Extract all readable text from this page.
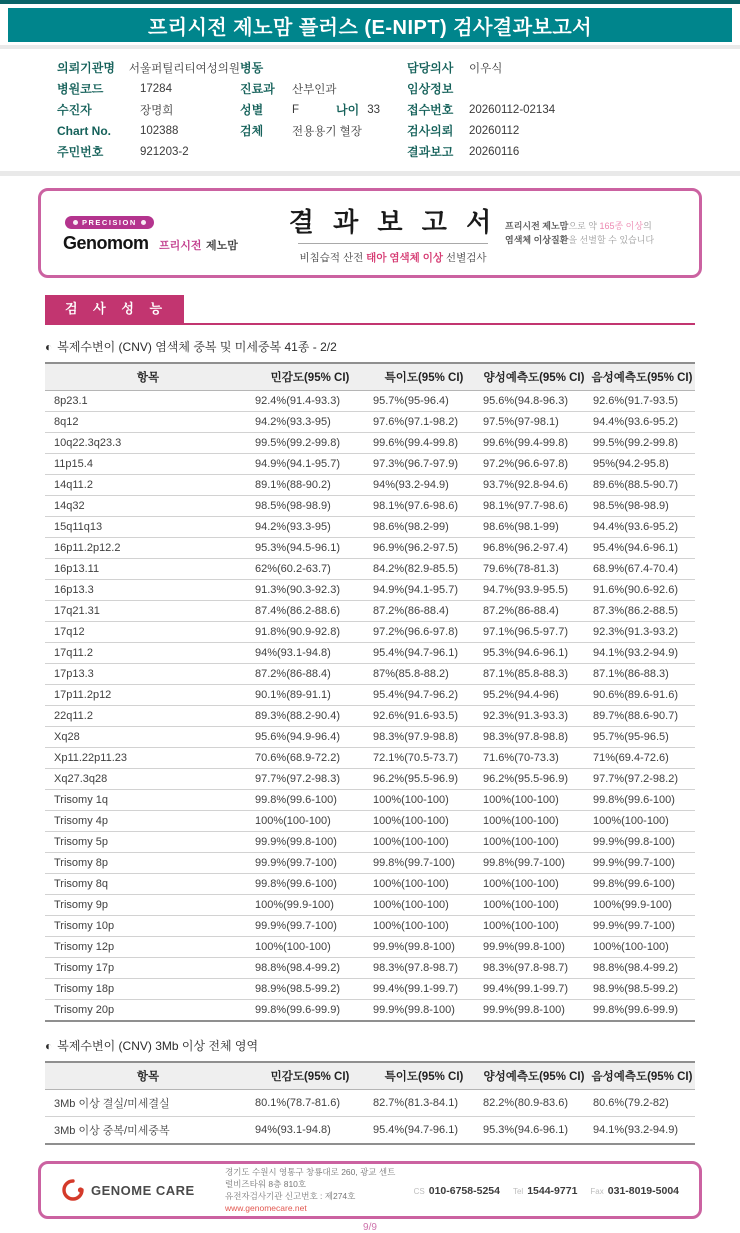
프리시전 제노맘 플러스 (E-NIPT) 검사결과보고서
의뢰기관명	서울퍼틸리티여성의원
병원코드	17284
수진자	장명희
Chart No.	102388
주민번호	921203-2
병동
진료과	산부인과
성별	F	나이 33
검체	전용용기 혈장
담당의사	이우식
임상정보
접수번호	20260112-02134
검사의뢰	20260112
결과보고	20260116
PRECISION
Genomom 프리시전 제노맘
결 과 보 고 서
비침습적 산전 태아 염색체 이상 선별검사
프리시전 제노맘으로 약 165종 이상의
염색체 이상질환을 선별할 수 있습니다
검 사 성 능
◐ 복제수변이 (CNV) 염색체 중복 및 미세중복 41종 - 2/2
항목	민감도(95% CI)	특이도(95% CI)	양성예측도(95% CI)	음성예측도(95% CI)
8p23.1	92.4%(91.4-93.3)	95.7%(95-96.4)	95.6%(94.8-96.3)	92.6%(91.7-93.5)
8q12	94.2%(93.3-95)	97.6%(97.1-98.2)	97.5%(97-98.1)	94.4%(93.6-95.2)
10q22.3q23.3	99.5%(99.2-99.8)	99.6%(99.4-99.8)	99.6%(99.4-99.8)	99.5%(99.2-99.8)
11p15.4	94.9%(94.1-95.7)	97.3%(96.7-97.9)	97.2%(96.6-97.8)	95%(94.2-95.8)
14q11.2	89.1%(88-90.2)	94%(93.2-94.9)	93.7%(92.8-94.6)	89.6%(88.5-90.7)
14q32	98.5%(98-98.9)	98.1%(97.6-98.6)	98.1%(97.7-98.6)	98.5%(98-98.9)
15q11q13	94.2%(93.3-95)	98.6%(98.2-99)	98.6%(98.1-99)	94.4%(93.6-95.2)
16p11.2p12.2	95.3%(94.5-96.1)	96.9%(96.2-97.5)	96.8%(96.2-97.4)	95.4%(94.6-96.1)
16p13.11	62%(60.2-63.7)	84.2%(82.9-85.5)	79.6%(78-81.3)	68.9%(67.4-70.4)
16p13.3	91.3%(90.3-92.3)	94.9%(94.1-95.7)	94.7%(93.9-95.5)	91.6%(90.6-92.6)
17q21.31	87.4%(86.2-88.6)	87.2%(86-88.4)	87.2%(86-88.4)	87.3%(86.2-88.5)
17q12	91.8%(90.9-92.8)	97.2%(96.6-97.8)	97.1%(96.5-97.7)	92.3%(91.3-93.2)
17q11.2	94%(93.1-94.8)	95.4%(94.7-96.1)	95.3%(94.6-96.1)	94.1%(93.2-94.9)
17p13.3	87.2%(86-88.4)	87%(85.8-88.2)	87.1%(85.8-88.3)	87.1%(86-88.3)
17p11.2p12	90.1%(89-91.1)	95.4%(94.7-96.2)	95.2%(94.4-96)	90.6%(89.6-91.6)
22q11.2	89.3%(88.2-90.4)	92.6%(91.6-93.5)	92.3%(91.3-93.3)	89.7%(88.6-90.7)
Xq28	95.6%(94.9-96.4)	98.3%(97.9-98.8)	98.3%(97.8-98.8)	95.7%(95-96.5)
Xp11.22p11.23	70.6%(68.9-72.2)	72.1%(70.5-73.7)	71.6%(70-73.3)	71%(69.4-72.6)
Xq27.3q28	97.7%(97.2-98.3)	96.2%(95.5-96.9)	96.2%(95.5-96.9)	97.7%(97.2-98.2)
Trisomy 1q	99.8%(99.6-100)	100%(100-100)	100%(100-100)	99.8%(99.6-100)
Trisomy 4p	100%(100-100)	100%(100-100)	100%(100-100)	100%(100-100)
Trisomy 5p	99.9%(99.8-100)	100%(100-100)	100%(100-100)	99.9%(99.8-100)
Trisomy 8p	99.9%(99.7-100)	99.8%(99.7-100)	99.8%(99.7-100)	99.9%(99.7-100)
Trisomy 8q	99.8%(99.6-100)	100%(100-100)	100%(100-100)	99.8%(99.6-100)
Trisomy 9p	100%(99.9-100)	100%(100-100)	100%(100-100)	100%(99.9-100)
Trisomy 10p	99.9%(99.7-100)	100%(100-100)	100%(100-100)	99.9%(99.7-100)
Trisomy 12p	100%(100-100)	99.9%(99.8-100)	99.9%(99.8-100)	100%(100-100)
Trisomy 17p	98.8%(98.4-99.2)	98.3%(97.8-98.7)	98.3%(97.8-98.7)	98.8%(98.4-99.2)
Trisomy 18p	98.9%(98.5-99.2)	99.4%(99.1-99.7)	99.4%(99.1-99.7)	98.9%(98.5-99.2)
Trisomy 20p	99.8%(99.6-99.9)	99.9%(99.8-100)	99.9%(99.8-100)	99.8%(99.6-99.9)
◐ 복제수변이 (CNV) 3Mb 이상 전체 영역
항목	민감도(95% CI)	특이도(95% CI)	양성예측도(95% CI)	음성예측도(95% CI)
3Mb 이상 결실/미세결실	80.1%(78.7-81.6)	82.7%(81.3-84.1)	82.2%(80.9-83.6)	80.6%(79.2-82)
3Mb 이상 중복/미세중복	94%(93.1-94.8)	95.4%(94.7-96.1)	95.3%(94.6-96.1)	94.1%(93.2-94.9)
GENOME CARE
경기도 수원시 영통구 창룡대로 260, 광교 센트럴비즈타워 8층 810호
유전자검사기관 신고번호 : 제274호
www.genomecare.net
CS 010-6758-5254 Tel 1544-9771 Fax 031-8019-5004
9/9
